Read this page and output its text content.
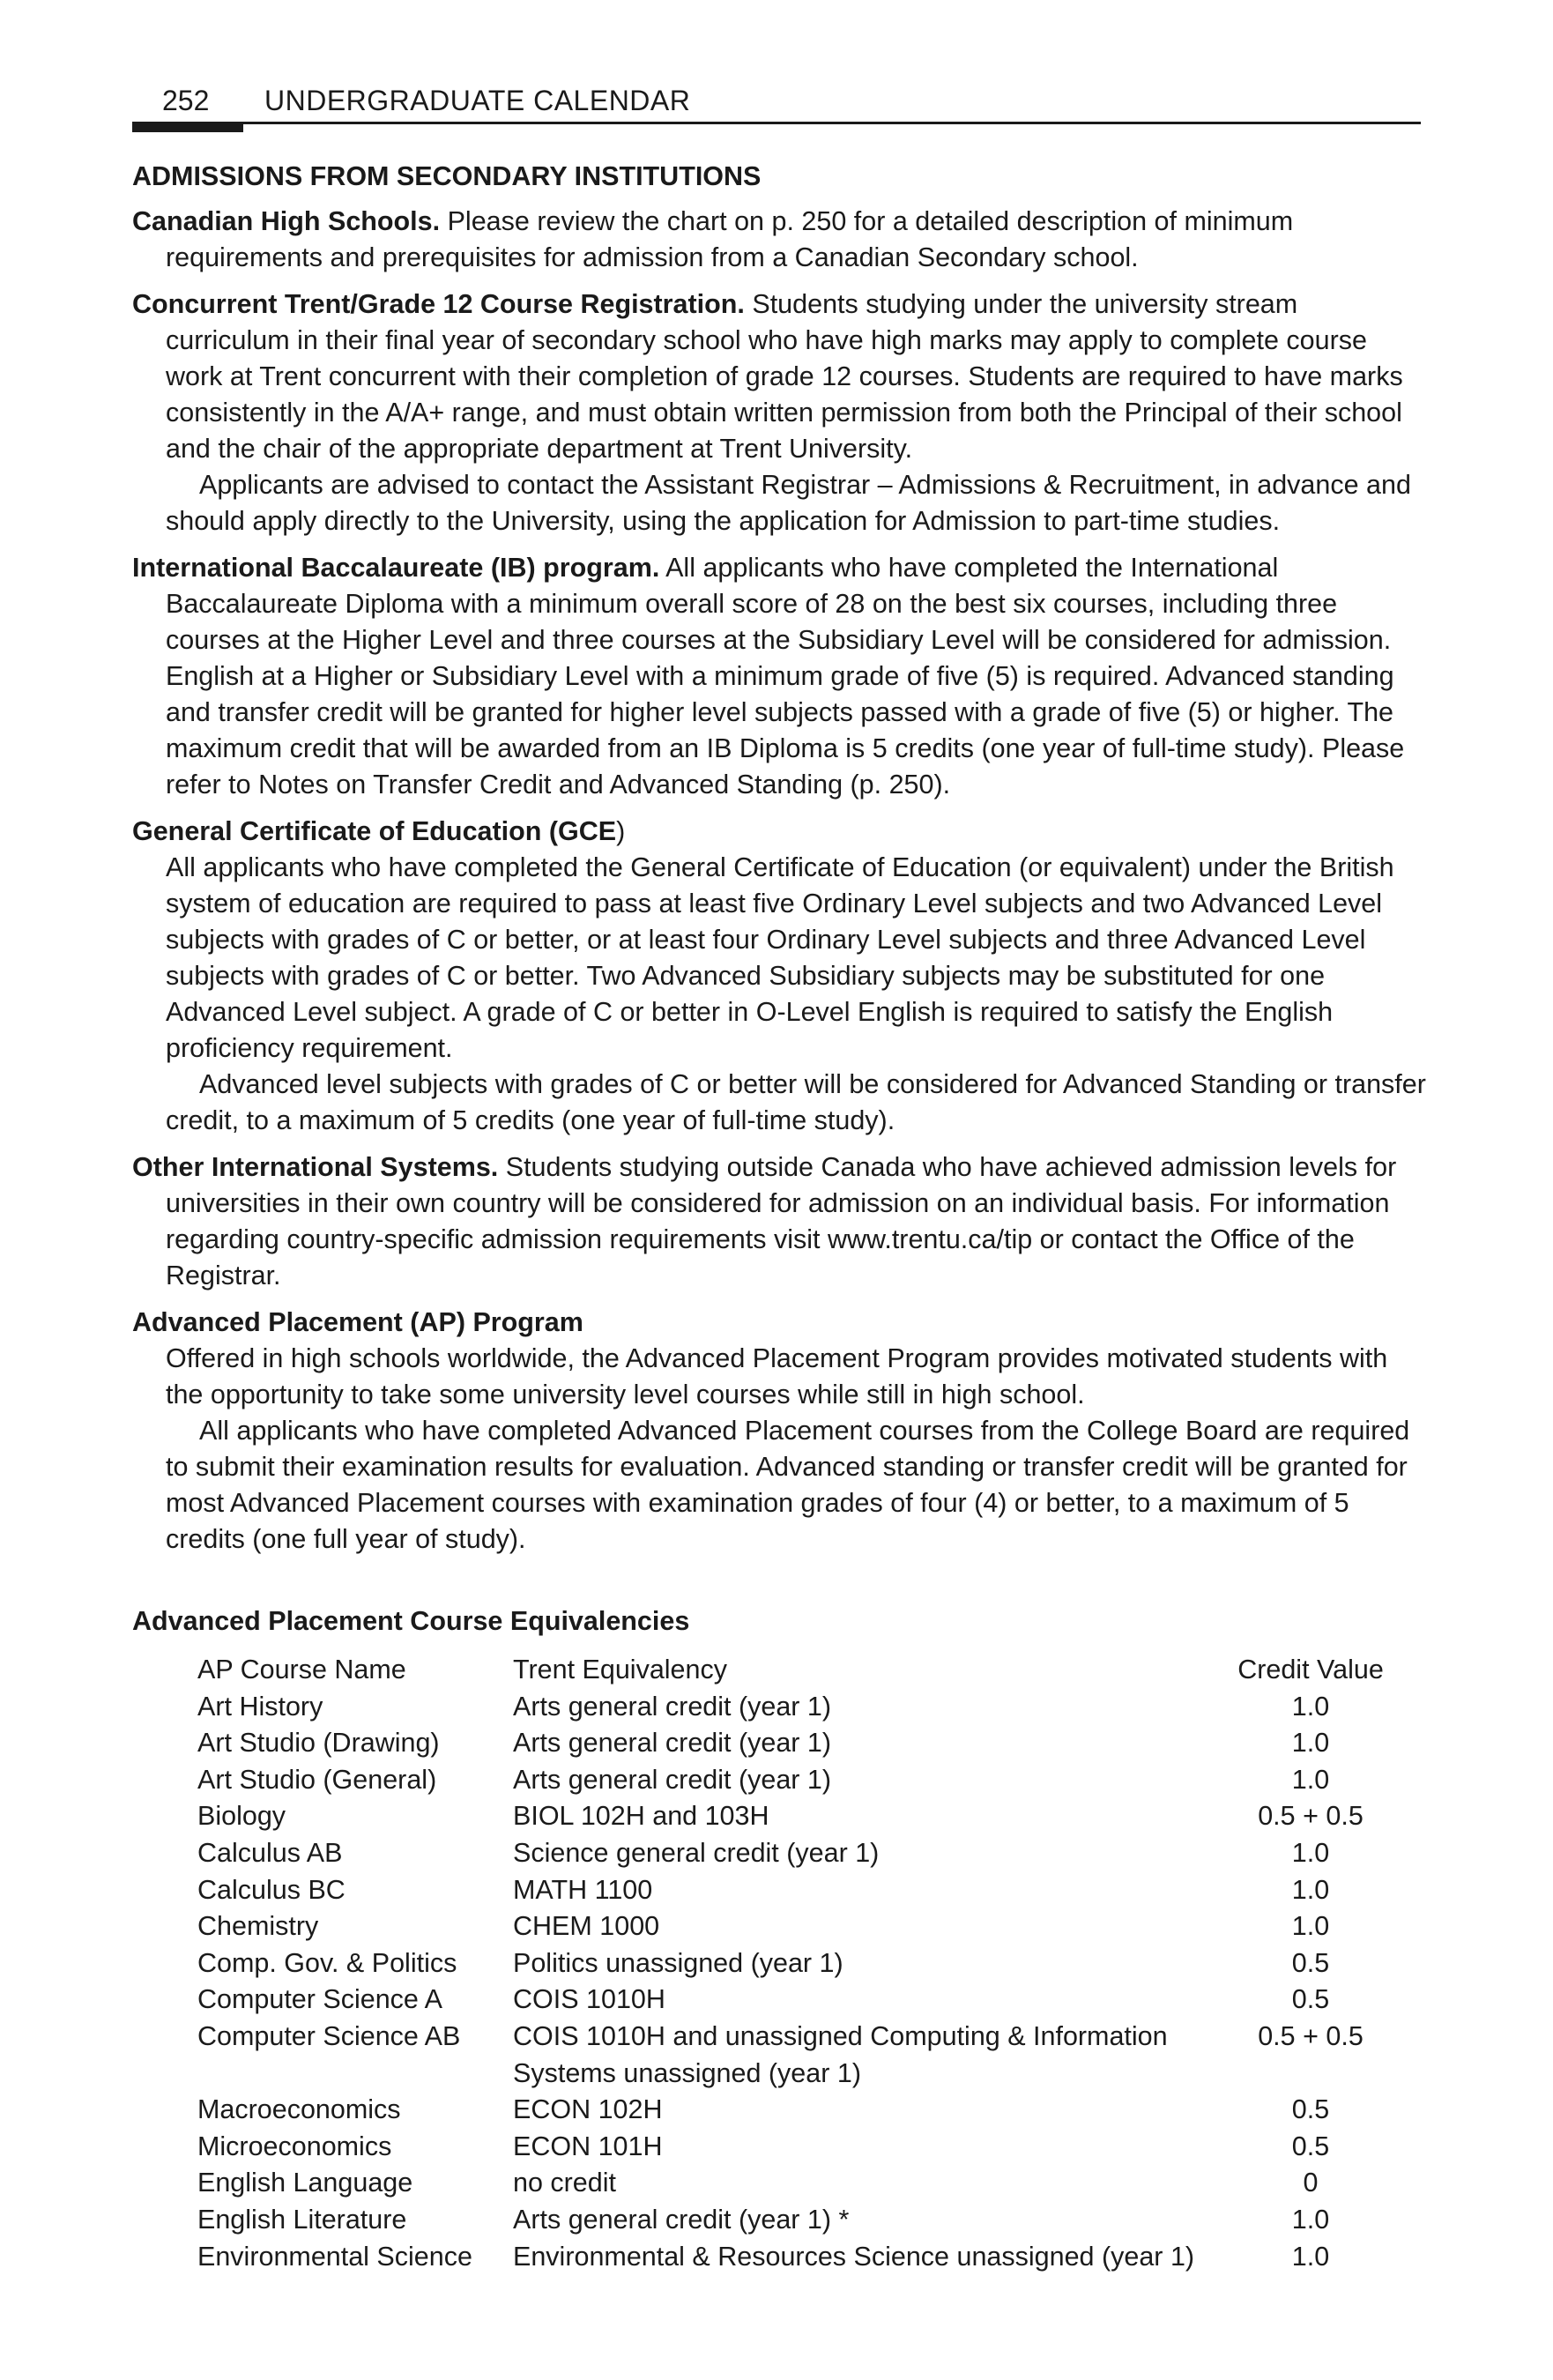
252 UNDERGRADUATE CALENDAR
ADMISSIONS FROM SECONDARY INSTITUTIONS

Canadian High Schools. Please review the chart on p. 250 for a detailed description of minimum requirements and prerequisites for admission from a Canadian Secondary school.

Concurrent Trent/Grade 12 Course Registration. Students studying under the university stream curriculum in their final year of secondary school who have high marks may apply to complete course work at Trent concurrent with their completion of grade 12 courses. Students are required to have marks consistently in the A/A+ range, and must obtain written permission from both the Principal of their school and the chair of the appropriate department at Trent University.

Applicants are advised to contact the Assistant Registrar – Admissions & Recruitment, in advance and should apply directly to the University, using the application for Admission to part-time studies.

International Baccalaureate (IB) program. All applicants who have completed the International Baccalaureate Diploma with a minimum overall score of 28 on the best six courses, including three courses at the Higher Level and three courses at the Subsidiary Level will be considered for admission. English at a Higher or Subsidiary Level with a minimum grade of five (5) is required. Advanced standing and transfer credit will be granted for higher level subjects passed with a grade of five (5) or higher. The maximum credit that will be awarded from an IB Diploma is 5 credits (one year of full-time study). Please refer to Notes on Transfer Credit and Advanced Standing (p. 250).

General Certificate of Education (GCE)

All applicants who have completed the General Certificate of Education (or equivalent) under the British system of education are required to pass at least five Ordinary Level subjects and two Advanced Level subjects with grades of C or better, or at least four Ordinary Level subjects and three Advanced Level subjects with grades of C or better. Two Advanced Subsidiary subjects may be substituted for one Advanced Level subject. A grade of C or better in O-Level English is required to satisfy the English proficiency requirement.

Advanced level subjects with grades of C or better will be considered for Advanced Standing or transfer credit, to a maximum of 5 credits (one year of full-time study).

Other International Systems. Students studying outside Canada who have achieved admission levels for universities in their own country will be considered for admission on an individual basis. For information regarding country-specific admission requirements visit www.trentu.ca/tip or contact the Office of the Registrar.

Advanced Placement (AP) Program

Offered in high schools worldwide, the Advanced Placement Program provides motivated students with the opportunity to take some university level courses while still in high school.

All applicants who have completed Advanced Placement courses from the College Board are required to submit their examination results for evaluation. Advanced standing or transfer credit will be granted for most Advanced Placement courses with examination grades of four (4) or better, to a maximum of 5 credits (one full year of study).

Advanced Placement Course Equivalencies
AP Course Name	Trent Equivalency	Credit Value
Art History	Arts general credit (year 1)	1.0
Art Studio (Drawing)	Arts general credit (year 1)	1.0
Art Studio (General)	Arts general credit (year 1)	1.0
Biology	BIOL 102H and 103H	0.5 + 0.5
Calculus AB	Science general credit (year 1)	1.0
Calculus BC	MATH 1100	1.0
Chemistry	CHEM 1000	1.0
Comp. Gov. & Politics	Politics unassigned (year 1)	0.5
Computer Science A	COIS 1010H	0.5
Computer Science AB	COIS 1010H and unassigned Computing & Information Systems unassigned (year 1)	0.5 + 0.5
Macroeconomics	ECON 102H	0.5
Microeconomics	ECON 101H	0.5
English Language	no credit	0
English Literature	Arts general credit (year 1) *	1.0
Environmental Science	Environmental & Resources Science unassigned (year 1)	1.0
